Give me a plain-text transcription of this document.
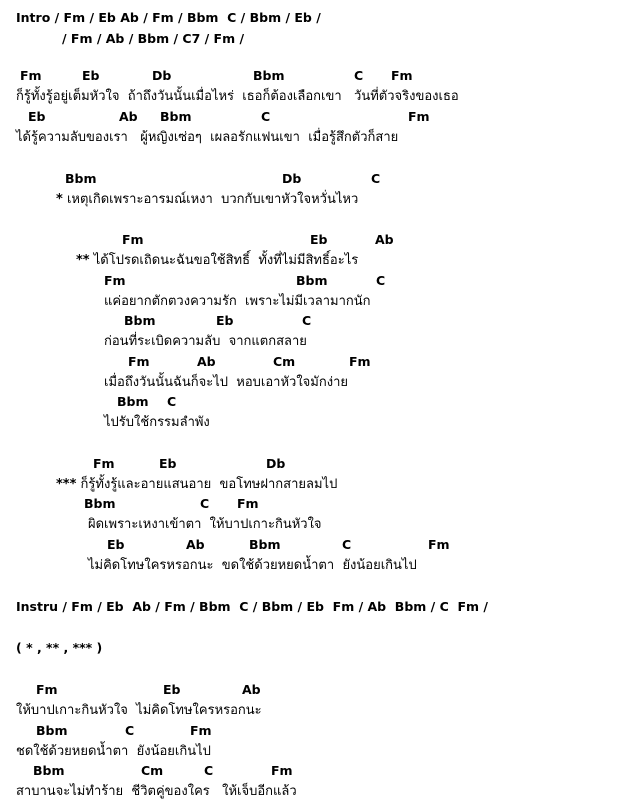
Intro / Fm / Eb Ab / Fm / Bbm  C / Bbm / Eb /
/ Fm / Ab / Bbm / C7 / Fm /
Fm	Eb	Db	Bbm	C Fm
ก็รู้ทั้งรู้อยู่เต็มหัวใจ  ถ้าถึงวันนั้นเมื่อไหร่  เธอก็ต้องเลือกเขา   วันที่ตัวจริงของเธอ
Eb	Ab Bbm	C	Fm
ได้รู้ความลับของเรา   ผู้หญิงเซ่อๆ  เผลอรักแฟนเขา  เมื่อรู้สึกตัวก็สาย
Bbm	Db	C
* เหตุเกิดเพราะอารมณ์เหงา  บวกกับเขาหัวใจหวั่นไหว
Fm	Eb	Ab
** ได้โปรดเถิดนะฉันขอใช้สิทธิ์  ทั้งที่ไม่มีสิทธิ์อะไร
Fm	Bbm	C
แค่อยากตักตวงความรัก  เพราะไม่มีเวลามากนัก
Bbm	Eb	C
ก่อนที่ระเบิดความลับ  จากแตกสลาย
Fm	Ab	Cm	Fm
เมื่อถึงวันนั้นฉันก็จะไป  หอบเอาหัวใจมักง่าย
Bbm C
ไปรับใช้กรรมลำพัง
Fm	Eb	Db
*** ก็รู้ทั้งรู้และอายแสนอาย  ขอโทษฝากสายลมไป
Bbm	C Fm
ผิดเพราะเหงาเข้าตา  ให้บาปเกาะกินหัวใจ
Eb	Ab	Bbm	C	Fm
ไม่คิดโทษใครหรอกนะ  ขดใช้ด้วยหยดน้ำตา  ยังน้อยเกินไป
Instru / Fm / Eb  Ab / Fm / Bbm  C / Bbm / Eb  Fm / Ab  Bbm / C  Fm /
( * , ** , *** )
Fm	Eb	Ab
ให้บาปเกาะกินหัวใจ  ไม่คิดโทษใครหรอกนะ
Bbm	C	Fm
ชดใช้ด้วยหยดน้ำตา  ยังน้อยเกินไป
Bbm	Cm	C	Fm
สาบานจะไม่ทำร้าย  ชีวิตคู่ของใคร   ให้เจ็บอีกแล้ว
